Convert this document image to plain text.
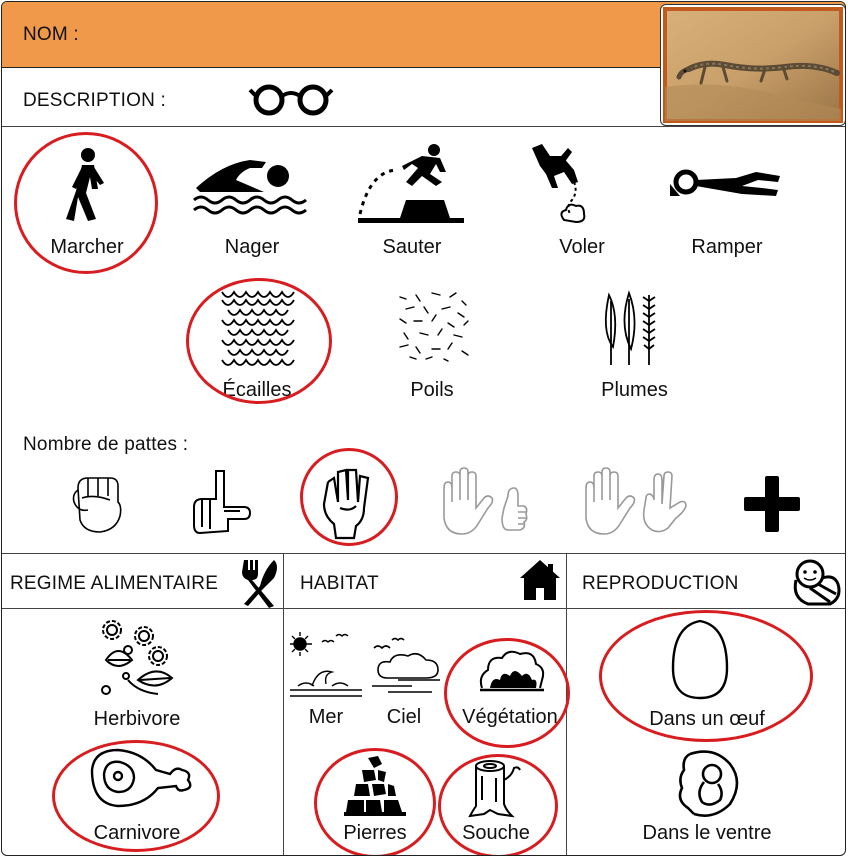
NOM :
DESCRIPTION :
Marcher	Nager	Sauter	Voler	Ramper
Écailles	Poils	Plumes
Nombre de pattes :
REGIME ALIMENTAIRE	HABITAT	REPRODUCTION
Herbivore
Carnivore
Mer	Ciel	Végétation
Pierres	Souche
Dans un œuf
Dans le ventre
